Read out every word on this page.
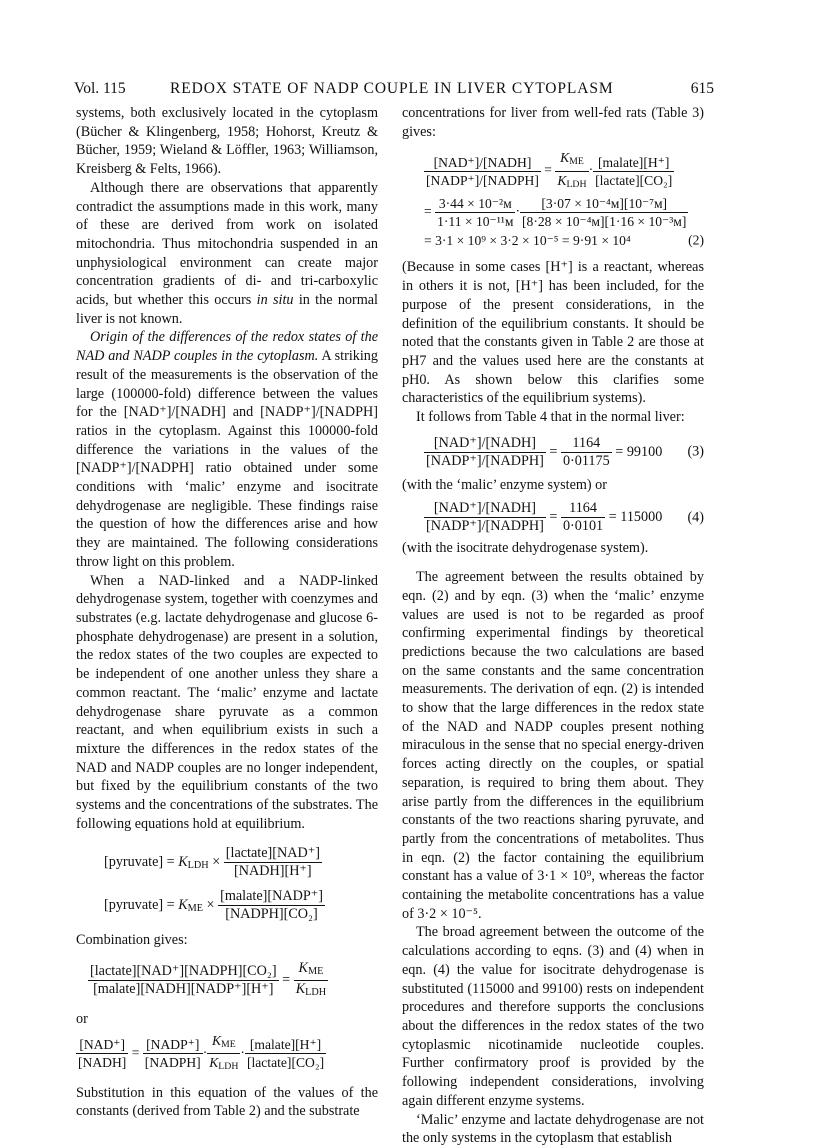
Vol. 115	REDOX STATE OF NADP COUPLE IN LIVER CYTOPLASM	615

systems, both exclusively located in the cytoplasm (Bücher & Klingenberg, 1958; Hohorst, Kreutz & Bücher, 1959; Wieland & Löffler, 1963; Williamson, Kreisberg & Felts, 1966).

Although there are observations that apparently contradict the assumptions made in this work, many of these are derived from work on isolated mitochondria. Thus mitochondria suspended in an unphysiological environment can create major concentration gradients of di- and tri-carboxylic acids, but whether this occurs in situ in the normal liver is not known.

Origin of the differences of the redox states of the NAD and NADP couples in the cytoplasm. A striking result of the measurements is the observation of the large (100000-fold) difference between the values for the [NAD⁺]/[NADH] and [NADP⁺]/[NADPH] ratios in the cytoplasm. Against this 100000-fold difference the variations in the values of the [NADP⁺]/[NADPH] ratio obtained under some conditions with ‘malic’ enzyme and isocitrate dehydrogenase are negligible. These findings raise the question of how the differences arise and how they are maintained. The following considerations throw light on this problem.

When a NAD-linked and a NADP-linked dehydrogenase system, together with coenzymes and substrates (e.g. lactate dehydrogenase and glucose 6-phosphate dehydrogenase) are present in a solution, the redox states of the two couples are expected to be independent of one another unless they share a common reactant. The ‘malic’ enzyme and lactate dehydrogenase share pyruvate as a common reactant, and when equilibrium exists in such a mixture the differences in the redox states of the NAD and NADP couples are no longer independent, but fixed by the equilibrium constants of the two systems and the concentrations of the substrates. The following equations hold at equilibrium.

[pyruvate] = $K_{LDH} \times \frac{\text{[lactate][NAD⁺]}}{\text{[NADH][H⁺]}}$
[pyruvate] = $K_{ME} \times \frac{\text{[malate][NADP⁺]}}{\text{[NADPH][CO₂]}}$

Combination gives:

$\frac{\text{[lactate][NAD⁺][NADPH][CO₂]}}{\text{[malate][NADH][NADP⁺][H⁺]}} = \frac{K_{ME}}{K_{LDH}}$

or

$\frac{\text{[NAD⁺]}}{\text{[NADH]}} = \frac{\text{[NADP⁺]}}{\text{[NADPH]}} \cdot \frac{K_{ME}}{K_{LDH}} \cdot \frac{\text{[malate][H⁺]}}{\text{[lactate][CO₂]}}$

Substitution in this equation of the values of the constants (derived from Table 2) and the substrate

concentrations for liver from well-fed rats (Table 3) gives:

$\frac{\text{[NAD⁺]/[NADH]}}{\text{[NADP⁺]/[NADPH]}} = \frac{K_{ME}}{K_{LDH}} \cdot \frac{\text{[malate][H⁺]}}{\text{[lactate][CO₂]}}$
= $\frac{\text{3·44 × 10⁻²ᴍ}}{\text{1·11 × 10⁻¹¹ᴍ}} \cdot \frac{\text{[3·07 × 10⁻⁴ᴍ][10⁻⁷ᴍ]}}{\text{[8·28 × 10⁻⁴ᴍ][1·16 × 10⁻³ᴍ]}}$
= 3·1 × 10⁹ × 3·2 × 10⁻⁵ = 9·91 × 10⁴	(2)

(Because in some cases [H⁺] is a reactant, whereas in others it is not, [H⁺] has been included, for the purpose of the present considerations, in the definition of the equilibrium constants. It should be noted that the constants given in Table 2 are those at pH7 and the values used here are the constants at pH0. As shown below this clarifies some characteristics of the equilibrium systems).

It follows from Table 4 that in the normal liver:

$\frac{\text{[NAD⁺]/[NADH]}}{\text{[NADP⁺]/[NADPH]}} = \frac{1164}{0\cdot 01175} = 99100$ (3)

(with the ‘malic’ enzyme system) or

$\frac{\text{[NAD⁺]/[NADH]}}{\text{[NADP⁺]/[NADPH]}} = \frac{1164}{0\cdot 0101} = 115000$ (4)

(with the isocitrate dehydrogenase system).

The agreement between the results obtained by eqn. (2) and by eqn. (3) when the ‘malic’ enzyme values are used is not to be regarded as proof confirming experimental findings by theoretical predictions because the two calculations are based on the same constants and the same concentration measurements. The derivation of eqn. (2) is intended to show that the large differences in the redox state of the NAD and NADP couples present nothing miraculous in the sense that no special energy-driven forces acting directly on the couples, or spatial separation, is required to bring them about. They arise partly from the differences in the equilibrium constants of the two reactions sharing pyruvate, and partly from the concentrations of metabolites. Thus in eqn. (2) the factor containing the equilibrium constant has a value of 3·1 × 10⁹, whereas the factor containing the metabolite concentrations has a value of 3·2 × 10⁻⁵.

The broad agreement between the outcome of the calculations according to eqns. (3) and (4) when in eqn. (4) the value for isocitrate dehydrogenase is substituted (115000 and 99100) rests on independent procedures and therefore supports the conclusions about the differences in the redox states of the two cytoplasmic nicotinamide nucleotide couples. Further confirmatory proof is provided by the following independent considerations, involving again different enzyme systems.

‘Malic’ enzyme and lactate dehydrogenase are not the only systems in the cytoplasm that establish
